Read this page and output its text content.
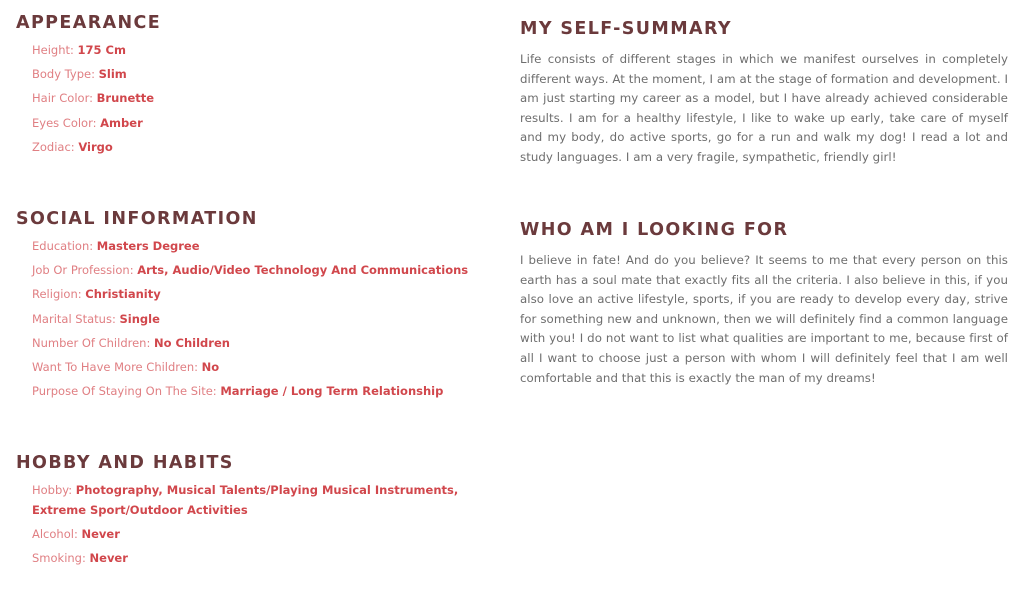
APPEARANCE
Height: 175 Cm
Body Type: Slim
Hair Color: Brunette
Eyes Color: Amber
Zodiac: Virgo
SOCIAL INFORMATION
Education: Masters Degree
Job Or Profession: Arts, Audio/Video Technology And Communications
Religion: Christianity
Marital Status: Single
Number Of Children: No Children
Want To Have More Children: No
Purpose Of Staying On The Site: Marriage / Long Term Relationship
HOBBY AND HABITS
Hobby: Photography, Musical Talents/Playing Musical Instruments, Extreme Sport/Outdoor Activities
Alcohol: Never
Smoking: Never
MY SELF-SUMMARY

Life consists of different stages in which we manifest ourselves in completely different ways. At the moment, I am at the stage of formation and development. I am just starting my career as a model, but I have already achieved considerable results. I am for a healthy lifestyle, I like to wake up early, take care of myself and my body, do active sports, go for a run and walk my dog! I read a lot and study languages. I am a very fragile, sympathetic, friendly girl!

WHO AM I LOOKING FOR

I believe in fate! And do you believe? It seems to me that every person on this earth has a soul mate that exactly fits all the criteria. I also believe in this, if you also love an active lifestyle, sports, if you are ready to develop every day, strive for something new and unknown, then we will definitely find a common language with you! I do not want to list what qualities are important to me, because first of all I want to choose just a person with whom I will definitely feel that I am well comfortable and that this is exactly the man of my dreams!
